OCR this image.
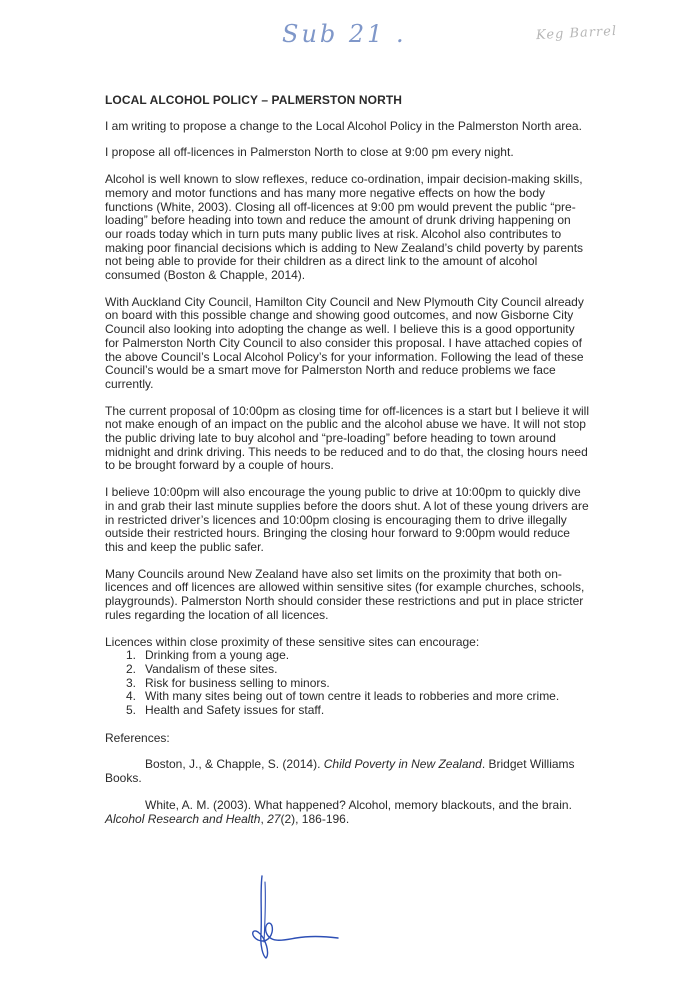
Sub 21 .	Keg Barrel
LOCAL ALCOHOL POLICY – PALMERSTON NORTH

I am writing to propose a change to the Local Alcohol Policy in the Palmerston North area.

I propose all off-licences in Palmerston North to close at 9:00 pm every night.

Alcohol is well known to slow reflexes, reduce co-ordination, impair decision-making skills, memory and motor functions and has many more negative effects on how the body functions (White, 2003). Closing all off-licences at 9:00 pm would prevent the public “pre-loading” before heading into town and reduce the amount of drunk driving happening on our roads today which in turn puts many public lives at risk. Alcohol also contributes to making poor financial decisions which is adding to New Zealand’s child poverty by parents not being able to provide for their children as a direct link to the amount of alcohol consumed (Boston & Chapple, 2014).

With Auckland City Council, Hamilton City Council and New Plymouth City Council already on board with this possible change and showing good outcomes, and now Gisborne City Council also looking into adopting the change as well. I believe this is a good opportunity for Palmerston North City Council to also consider this proposal. I have attached copies of the above Council’s Local Alcohol Policy’s for your information. Following the lead of these Council’s would be a smart move for Palmerston North and reduce problems we face currently.

The current proposal of 10:00pm as closing time for off-licences is a start but I believe it will not make enough of an impact on the public and the alcohol abuse we have. It will not stop the public driving late to buy alcohol and “pre-loading” before heading to town around midnight and drink driving. This needs to be reduced and to do that, the closing hours need to be brought forward by a couple of hours.

I believe 10:00pm will also encourage the young public to drive at 10:00pm to quickly dive in and grab their last minute supplies before the doors shut. A lot of these young drivers are in restricted driver’s licences and 10:00pm closing is encouraging them to drive illegally outside their restricted hours. Bringing the closing hour forward to 9:00pm would reduce this and keep the public safer.

Many Councils around New Zealand have also set limits on the proximity that both on-licences and off licences are allowed within sensitive sites (for example churches, schools, playgrounds). Palmerston North should consider these restrictions and put in place stricter rules regarding the location of all licences.

Licences within close proximity of these sensitive sites can encourage:
1. Drinking from a young age.
2. Vandalism of these sites.
3. Risk for business selling to minors.
4. With many sites being out of town centre it leads to robberies and more crime.
5. Health and Safety issues for staff.
References:

Boston, J., & Chapple, S. (2014). Child Poverty in New Zealand. Bridget Williams Books.

White, A. M. (2003). What happened? Alcohol, memory blackouts, and the brain. Alcohol Research and Health, 27(2), 186-196.
